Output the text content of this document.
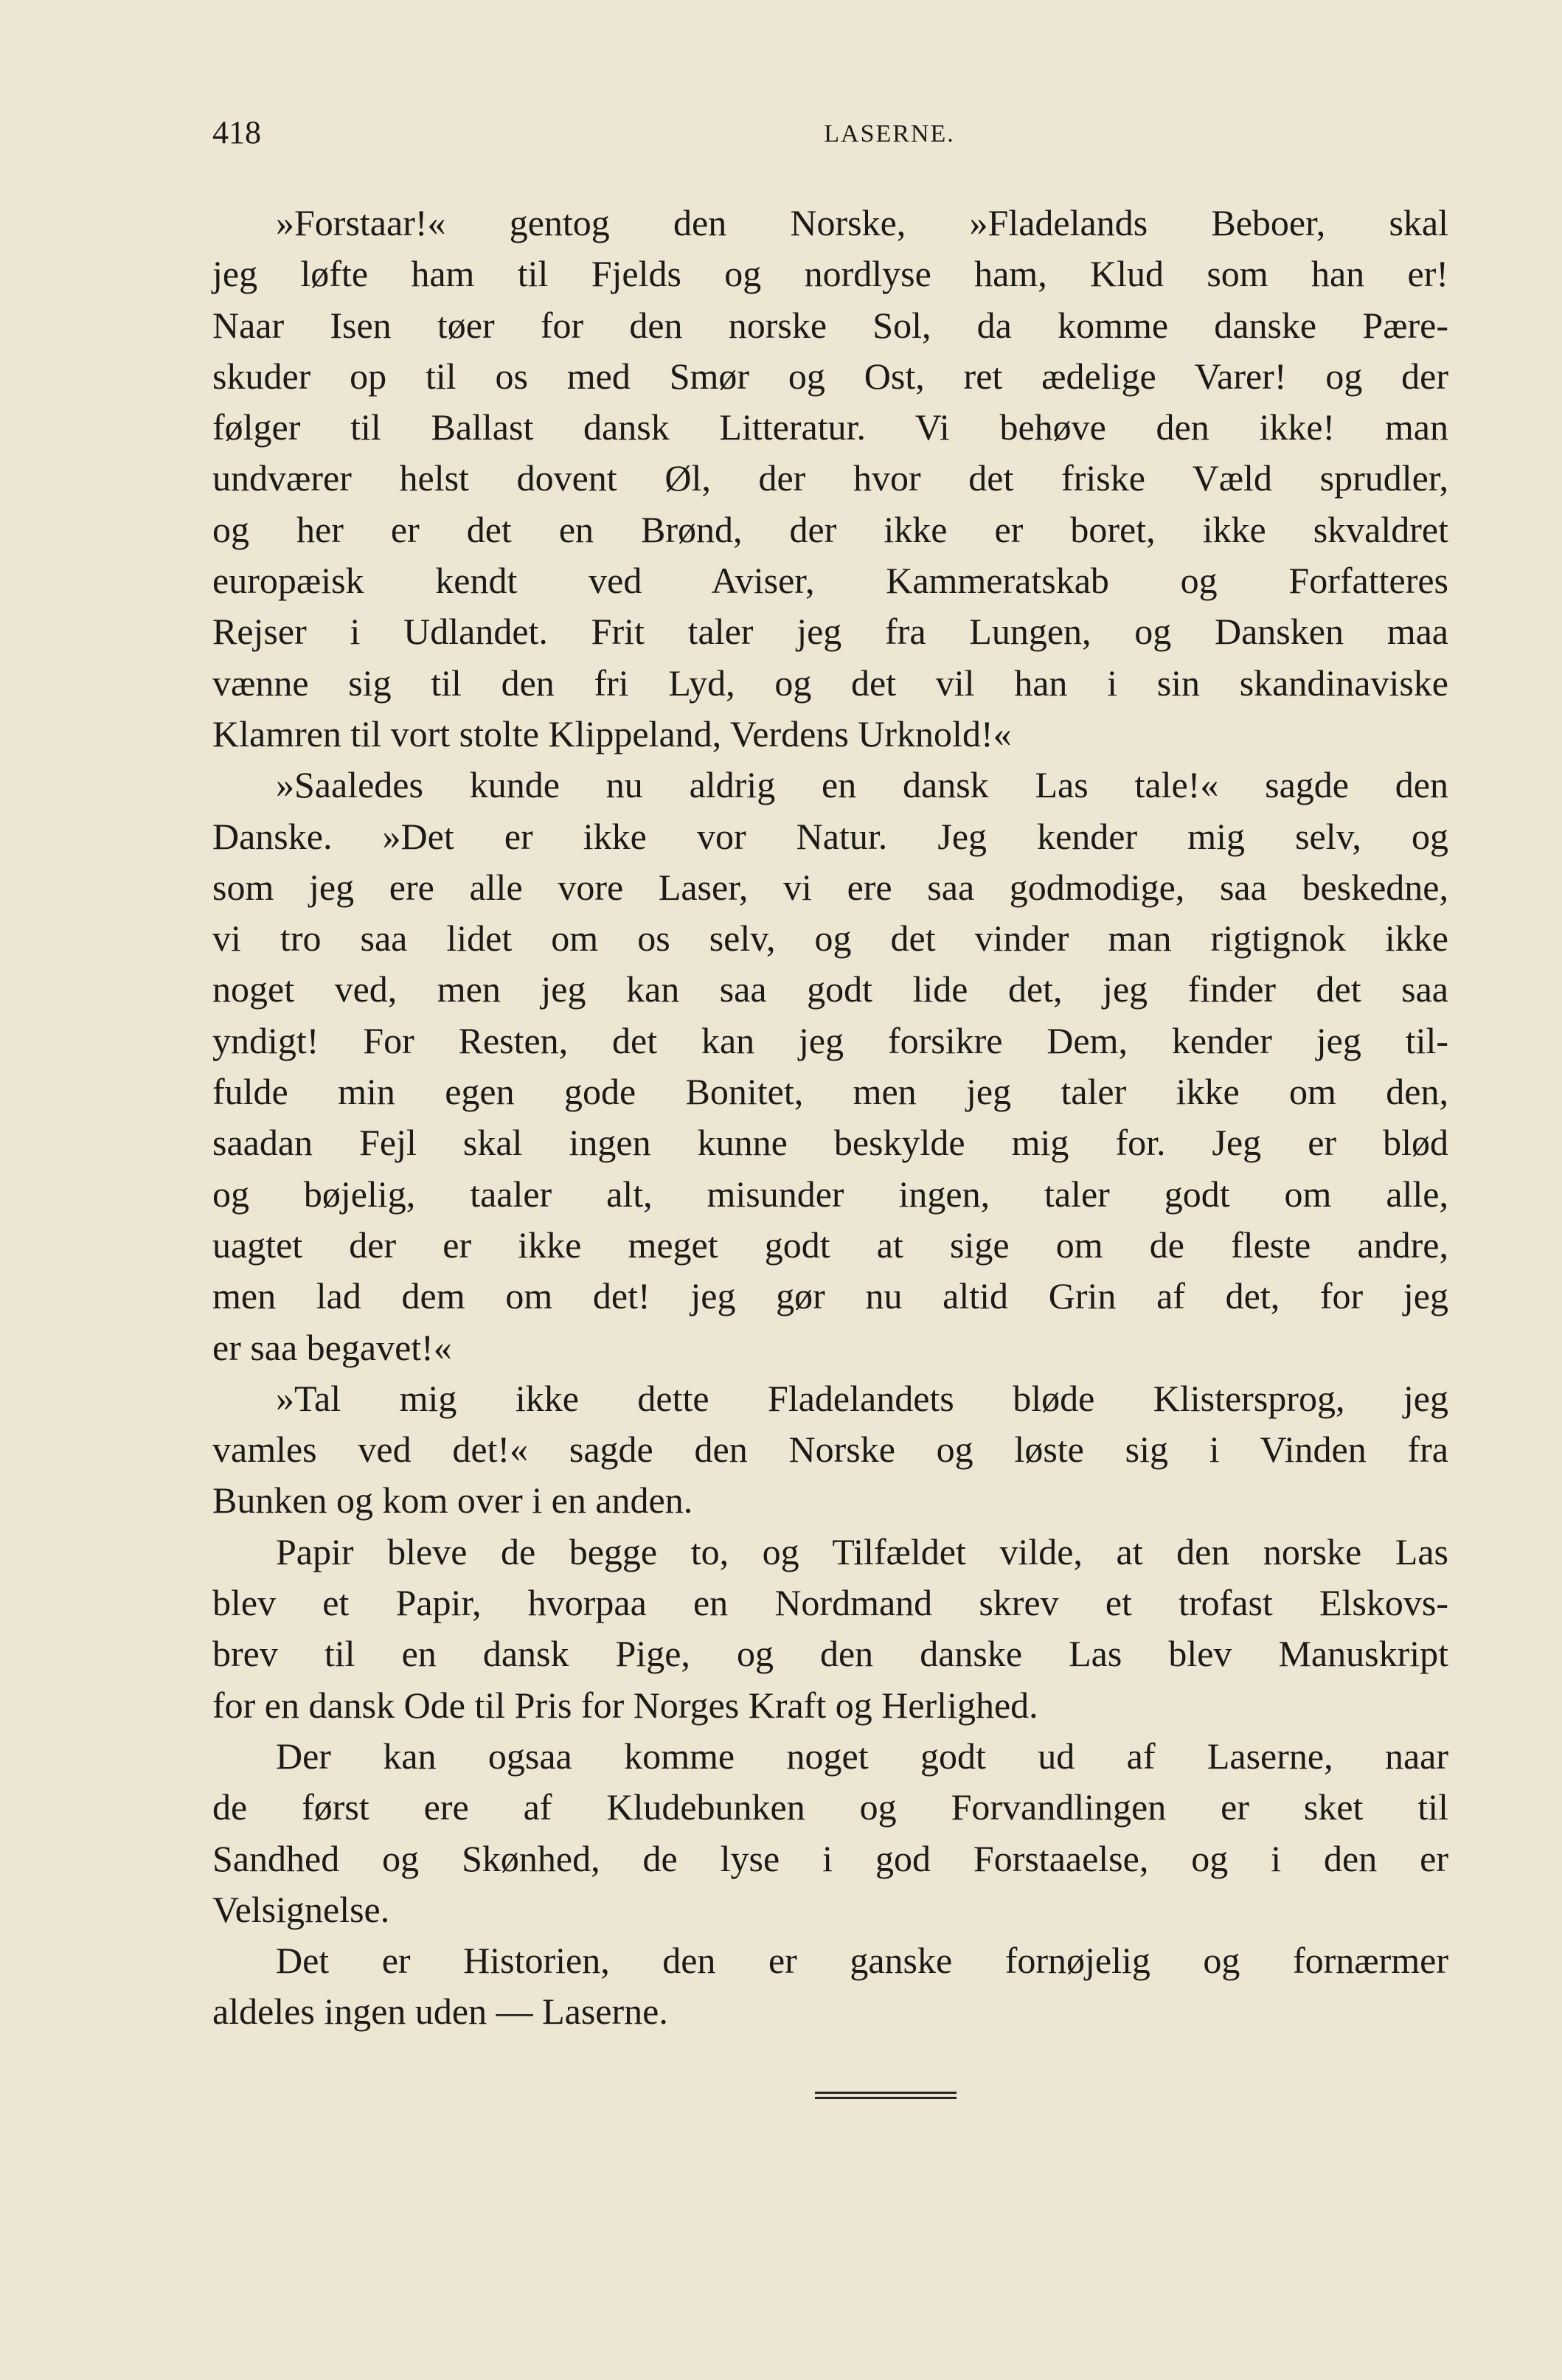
418	LASERNE.

»Forstaar!« gentog den Norske, »Fladelands Beboer, skal
jeg løfte ham til Fjelds og nordlyse ham, Klud som han er!
Naar Isen tøer for den norske Sol, da komme danske Pære-
skuder op til os med Smør og Ost, ret ædelige Varer! og der
følger til Ballast dansk Litteratur. Vi behøve den ikke! man
undværer helst dovent Øl, der hvor det friske Væld sprudler,
og her er det en Brønd, der ikke er boret, ikke skvaldret
europæisk kendt ved Aviser, Kammeratskab og Forfatteres
Rejser i Udlandet. Frit taler jeg fra Lungen, og Dansken maa
vænne sig til den fri Lyd, og det vil han i sin skandinaviske
Klamren til vort stolte Klippeland, Verdens Urknold!«

»Saaledes kunde nu aldrig en dansk Las tale!« sagde den
Danske. »Det er ikke vor Natur. Jeg kender mig selv, og
som jeg ere alle vore Laser, vi ere saa godmodige, saa beskedne,
vi tro saa lidet om os selv, og det vinder man rigtignok ikke
noget ved, men jeg kan saa godt lide det, jeg finder det saa
yndigt! For Resten, det kan jeg forsikre Dem, kender jeg til-
fulde min egen gode Bonitet, men jeg taler ikke om den,
saadan Fejl skal ingen kunne beskylde mig for. Jeg er blød
og bøjelig, taaler alt, misunder ingen, taler godt om alle,
uagtet der er ikke meget godt at sige om de fleste andre,
men lad dem om det! jeg gør nu altid Grin af det, for jeg
er saa begavet!«

»Tal mig ikke dette Fladelandets bløde Klistersprog, jeg
vamles ved det!« sagde den Norske og løste sig i Vinden fra
Bunken og kom over i en anden.

Papir bleve de begge to, og Tilfældet vilde, at den norske Las
blev et Papir, hvorpaa en Nordmand skrev et trofast Elskovs-
brev til en dansk Pige, og den danske Las blev Manuskript
for en dansk Ode til Pris for Norges Kraft og Herlighed.

Der kan ogsaa komme noget godt ud af Laserne, naar
de først ere af Kludebunken og Forvandlingen er sket til
Sandhed og Skønhed, de lyse i god Forstaaelse, og i den er
Velsignelse.

Det er Historien, den er ganske fornøjelig og fornærmer
aldeles ingen uden — Laserne.
